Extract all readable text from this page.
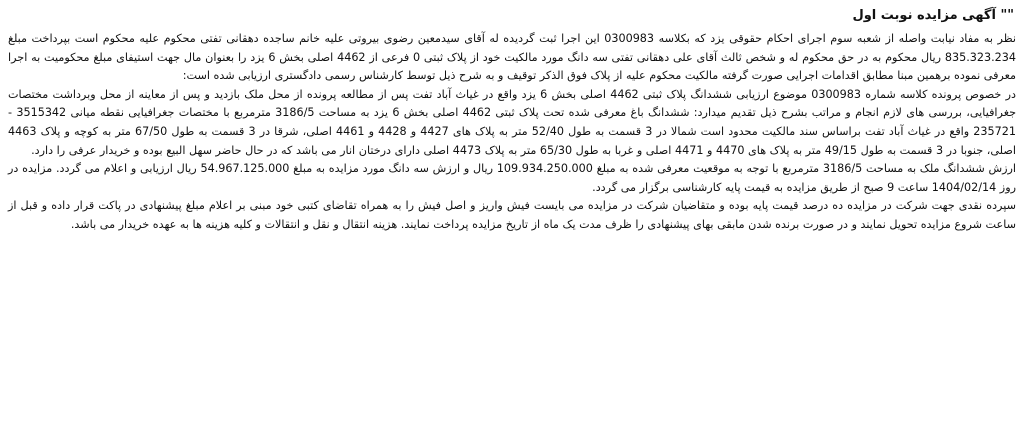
"" آگهی مزایده نوبت اول

نظر به مفاد نیابت واصله از شعبه سوم اجرای احکام حقوقی یزد که بکلاسه 0300983 این اجرا ثبت گردیده له آقای سیدمعین رضوی بیروتی علیه خانم ساجده دهقانی تفتی محکوم علیه محکوم است بپرداخت مبلغ 835.323.234 ریال محکوم به در حق محکوم له و شخص ثالث آقای علی دهقانی تفتی سه دانگ مورد مالکیت خود از پلاک ثبتی 0 فرعی از 4462 اصلی بخش 6 یزد را بعنوان مال جهت استیفای مبلغ محکومیت به اجرا معرفی نموده برهمین مبنا مطابق اقدامات اجرایی صورت گرفته مالکیت محکوم علیه از پلاک فوق الذکر توقیف و به شرح ذیل توسط کارشناس رسمی دادگستری ارزیابی شده است:

در خصوص پرونده کلاسه شماره 0300983 موضوع ارزیابی ششدانگ پلاک ثبتی 4462 اصلی بخش 6 یزد واقع در غیاث آباد تفت پس از مطالعه پرونده از محل ملک بازدید و پس از معاینه از محل وبرداشت مختصات جغرافیایی، بررسی های لازم انجام و مراتب بشرح ذیل تقدیم میدارد: ششدانگ باغ معرفی شده تحت پلاک ثبتی 4462 اصلی بخش 6 یزد به مساحت 3186/5 مترمربع با مختصات جغرافیایی نقطه میانی 3515342 - 235721 واقع در غیاث آباد تفت براساس سند مالکیت محدود است شمالا در 3 قسمت به طول 52/40 متر به پلاک های 4427 و 4428 و 4461 اصلی، شرقا در 3 قسمت به طول 67/50 متر به کوچه و پلاک 4463 اصلی، جنوبا در 3 قسمت به طول 49/15 متر به پلاک های 4470 و 4471 اصلی و غربا به طول 65/30 متر به پلاک 4473 اصلی دارای درختان انار می باشد که در حال حاضر سهل البیع بوده و خریدار عرفی را دارد.

ارزش ششدانگ ملک به مساحت 3186/5 مترمربع با توجه به موقعیت معرفی شده به مبلغ 109.934.250.000 ریال و ارزش سه دانگ مورد مزایده به مبلغ 54.967.125.000 ریال ارزیابی و اعلام می گردد. مزایده در روز 1404/02/14 ساعت 9 صبح از طریق مزایده به قیمت پایه کارشناسی برگزار می گردد.

سپرده نقدی جهت شرکت در مزایده ده درصد قیمت پایه بوده و متقاضیان شرکت در مزایده می بایست فیش واریز و اصل فیش را به همراه تقاضای کتبی خود مبنی بر اعلام مبلغ پیشنهادی در پاکت قرار داده و قبل از ساعت شروع مزایده تحویل نمایند و در صورت برنده شدن مابقی بهای پیشنهادی را ظرف مدت یک ماه از تاریخ مزایده پرداخت نمایند. هزینه انتقال و نقل و انتقالات و کلیه هزینه ها به عهده خریدار می باشد.
